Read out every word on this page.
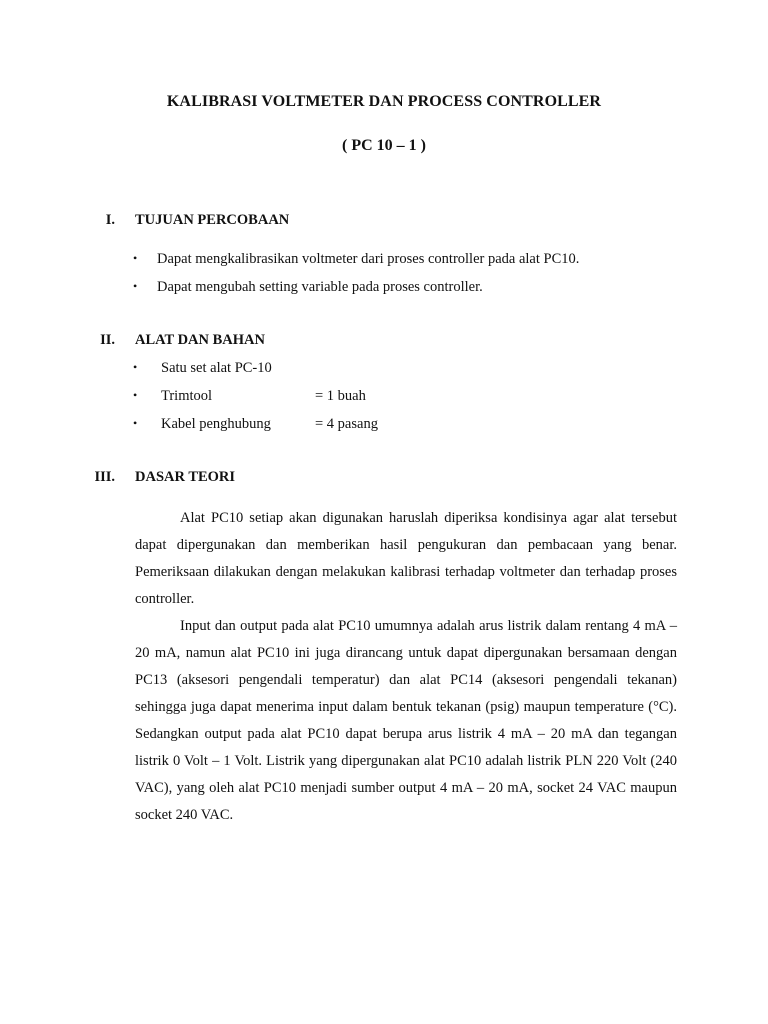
KALIBRASI VOLTMETER DAN PROCESS CONTROLLER
( PC 10 – 1 )
I. TUJUAN PERCOBAAN
• Dapat mengkalibrasikan voltmeter dari proses controller pada alat PC10.
• Dapat mengubah setting variable pada proses controller.
II. ALAT DAN BAHAN
• Satu set alat PC-10
• Trimtool	= 1 buah
• Kabel penghubung	= 4 pasang
III. DASAR TEORI

Alat PC10 setiap akan digunakan haruslah diperiksa kondisinya agar alat tersebut dapat dipergunakan dan memberikan hasil pengukuran dan pembacaan yang benar. Pemeriksaan dilakukan dengan melakukan kalibrasi terhadap voltmeter dan terhadap proses controller.

Input dan output pada alat PC10 umumnya adalah arus listrik dalam rentang 4 mA – 20 mA, namun alat PC10 ini juga dirancang untuk dapat dipergunakan bersamaan dengan PC13 (aksesori pengendali temperatur) dan alat PC14 (aksesori pengendali tekanan) sehingga juga dapat menerima input dalam bentuk tekanan (psig) maupun temperature (°C). Sedangkan output pada alat PC10 dapat berupa arus listrik 4 mA – 20 mA dan tegangan listrik 0 Volt – 1 Volt. Listrik yang dipergunakan alat PC10 adalah listrik PLN 220 Volt (240 VAC), yang oleh alat PC10 menjadi sumber output 4 mA – 20 mA, socket 24 VAC maupun socket 240 VAC.
